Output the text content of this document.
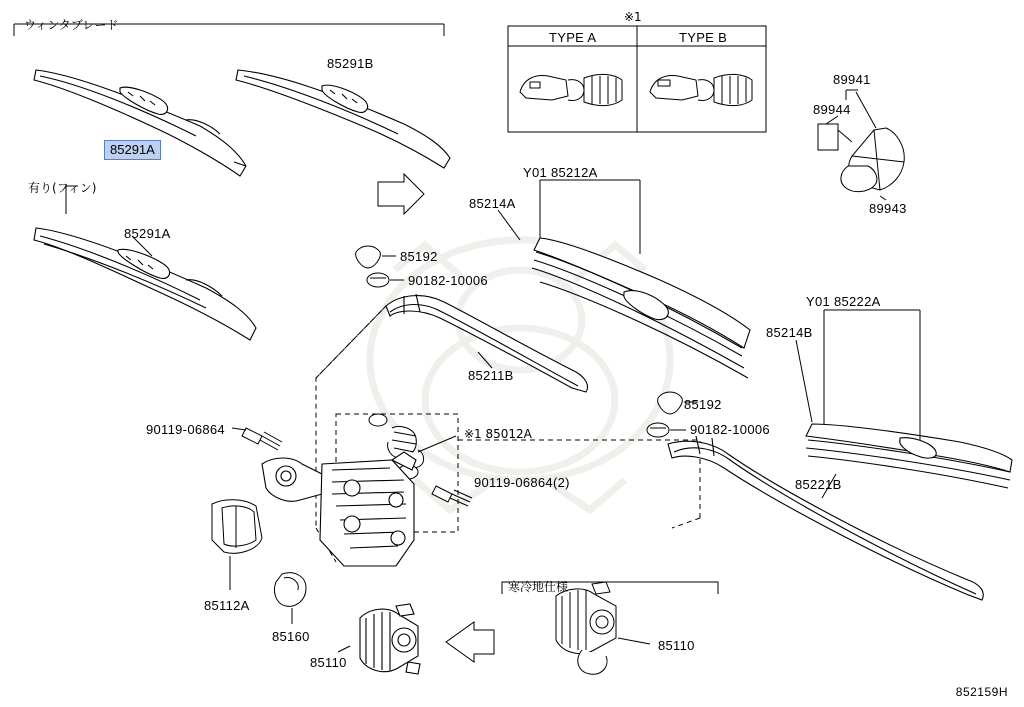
ウィンタブレード
85291B
85291A
有り(フィン)
85291A
※1
TYPE A	TYPE B
89941
89944
89943
Y01 85212A
85214A
85192
90182-10006
85211B
Y01 85222A
85214B
85192
90182-10006
85221B
90119-06864	※1 85012A
90119-06864(2)
85112A
85160
寒冷地仕様
85110
85110
852159H
